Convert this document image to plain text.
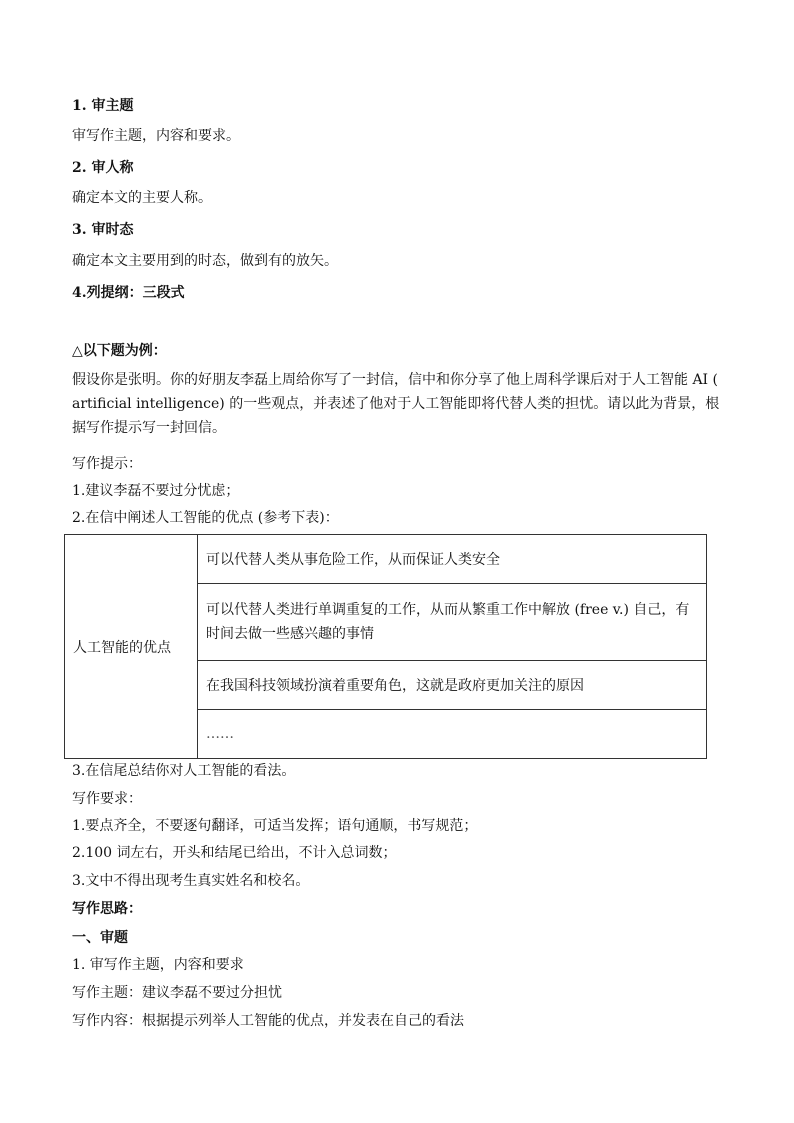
1. 审主题
审写作主题，内容和要求。
2. 审人称
确定本文的主要人称。
3. 审时态
确定本文主要用到的时态，做到有的放矢。
4.列提纲：三段式
△以下题为例：
假设你是张明。你的好朋友李磊上周给你写了一封信，信中和你分享了他上周科学课后对于人工智能 AI ( artificial intelligence) 的一些观点，并表述了他对于人工智能即将代替人类的担忧。请以此为背景，根据写作提示写一封回信。
写作提示：
1.建议李磊不要过分忧虑；
2.在信中阐述人工智能的优点 (参考下表)：
人工智能的优点	可以代替人类从事危险工作，从而保证人类安全
可以代替人类进行单调重复的工作，从而从繁重工作中解放 (free v.) 自己，有时间去做一些感兴趣的事情
在我国科技领域扮演着重要角色，这就是政府更加关注的原因
……
3.在信尾总结你对人工智能的看法。
写作要求：
1.要点齐全，不要逐句翻译，可适当发挥；语句通顺，书写规范；
2.100 词左右，开头和结尾已给出，不计入总词数；
3.文中不得出现考生真实姓名和校名。
写作思路：
一、审题
1. 审写作主题，内容和要求
写作主题：建议李磊不要过分担忧
写作内容：根据提示列举人工智能的优点，并发表在自己的看法
